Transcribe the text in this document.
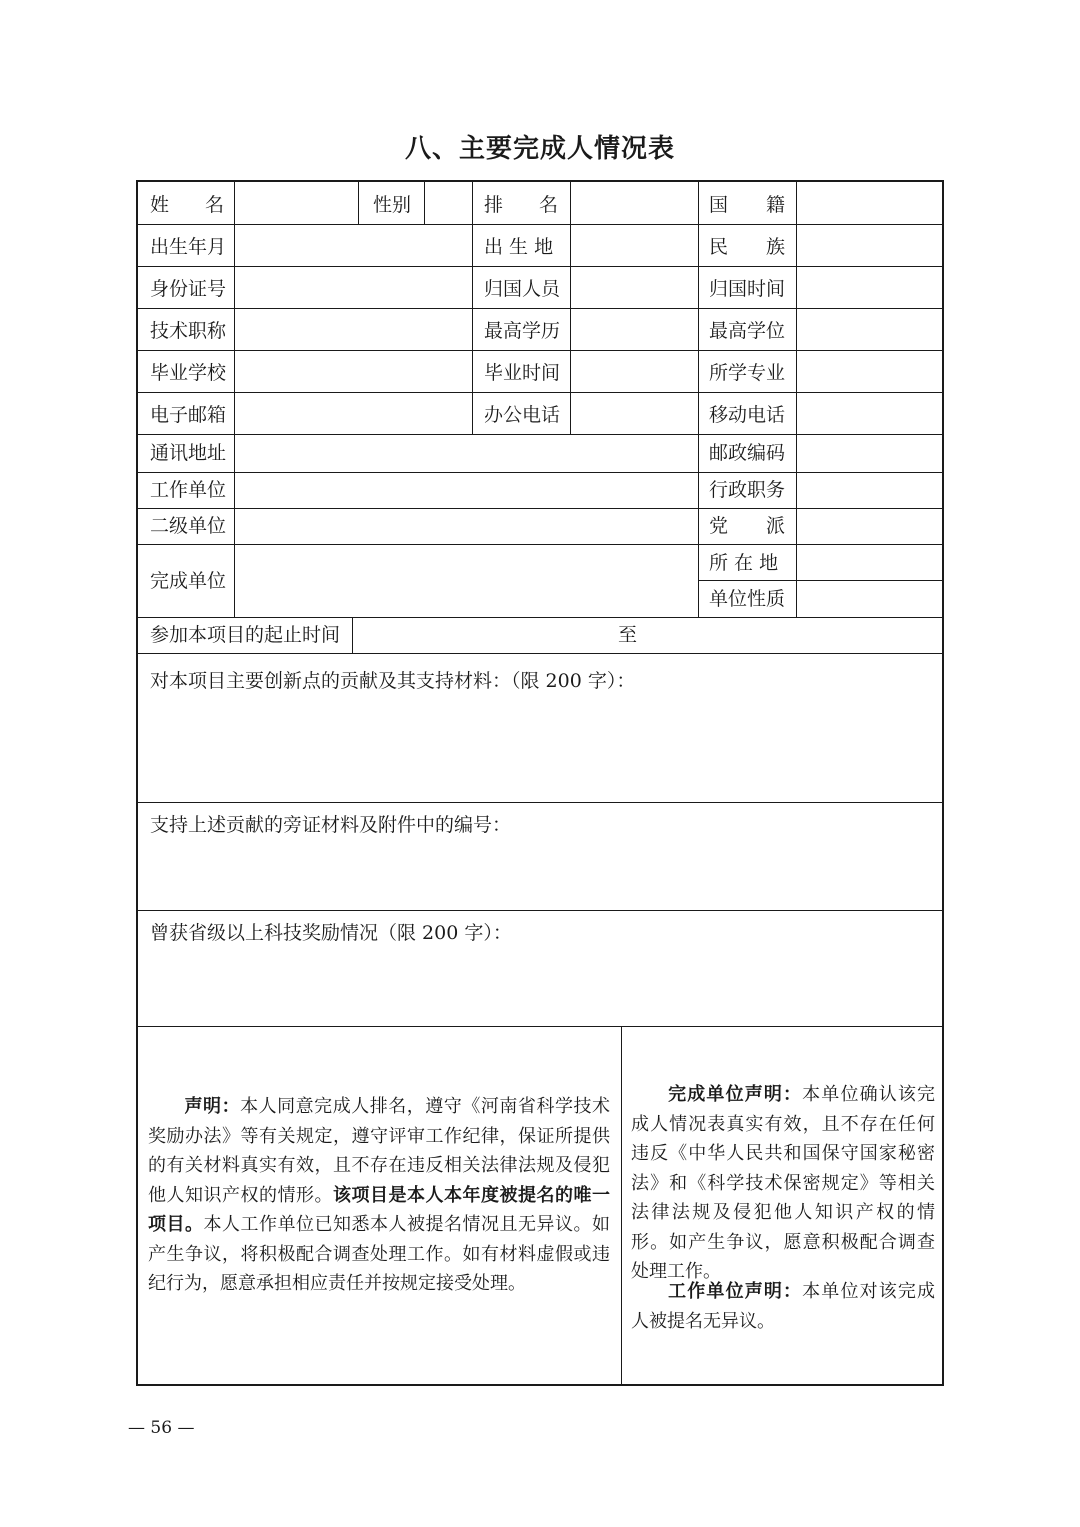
八、主要完成人情况表
姓 名	性别	排 名	国 籍
出生年月	出 生 地	民 族
身份证号	归国人员	归国时间
技术职称	最高学历	最高学位
毕业学校	毕业时间	所学专业
电子邮箱	办公电话	移动电话
通讯地址	邮政编码
工作单位	行政职务
二级单位	党 派
完成单位
所 在 地
单位性质
参加本项目的起止时间	至
对本项目主要创新点的贡献及其支持材料：（限 200 字）：
支持上述贡献的旁证材料及附件中的编号：
曾获省级以上科技奖励情况（限 200 字）：
声明：本人同意完成人排名，遵守《河南省科学技术奖励办法》等有关规定，遵守评审工作纪律，保证所提供的有关材料真实有效，且不存在违反相关法律法规及侵犯他人知识产权的情形。该项目是本人本年度被提名的唯一项目。本人工作单位已知悉本人被提名情况且无异议。如产生争议，将积极配合调查处理工作。如有材料虚假或违纪行为，愿意承担相应责任并按规定接受处理。
完成单位声明：本单位确认该完成人情况表真实有效，且不存在任何违反《中华人民共和国保守国家秘密法》和《科学技术保密规定》等相关法律法规及侵犯他人知识产权的情形。如产生争议，愿意积极配合调查处理工作。
工作单位声明：本单位对该完成人被提名无异议。
— 56 —
